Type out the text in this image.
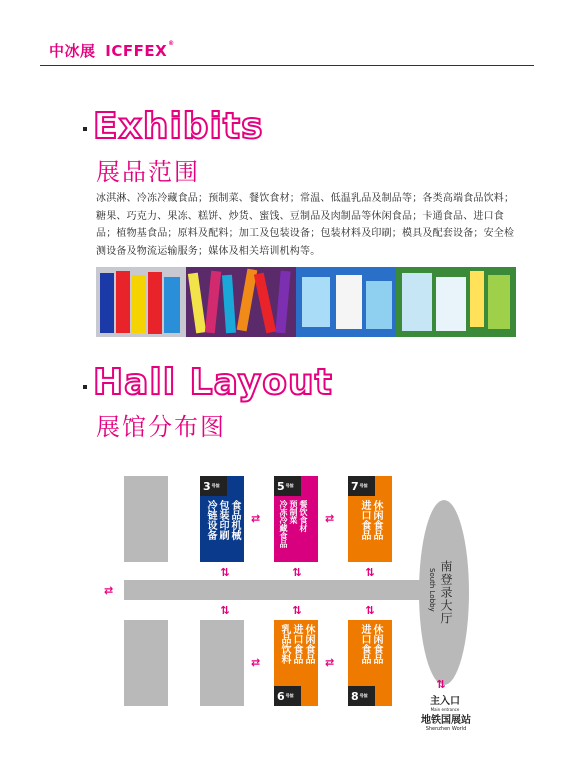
中冰展 ICFFEX®
Exhibits
展品范围
冰淇淋、冷冻冷藏食品；预制菜、餐饮食材；常温、低温乳品及制品等；各类高端食品饮料；糖果、巧克力、果冻、糕饼、炒货、蜜饯、豆制品及肉制品等休闲食品；卡通食品、进口食品；植物基食品；原料及配料；加工及包装设备；包装材料及印刷；模具及配套设备；安全检测设备及物流运输服务；媒体及相关培训机构等。
Hall Layout
展馆分布图
南登录大厅
South Lobby
3 号馆
食品机械
包装印刷
冷链设备
5 号馆
餐饮食材
预制菜
冷冻冷藏食品
7 号馆
休闲食品
进口食品
休闲食品
进口食品
乳品饮料
6 号馆
休闲食品
进口食品
8 号馆
⇄	⇄
⇄	⇄
⇄
⇄	⇄	⇄
⇄	⇄	⇄
⇄
主入口
Main entrance
地铁国展站
Shenzhen World
